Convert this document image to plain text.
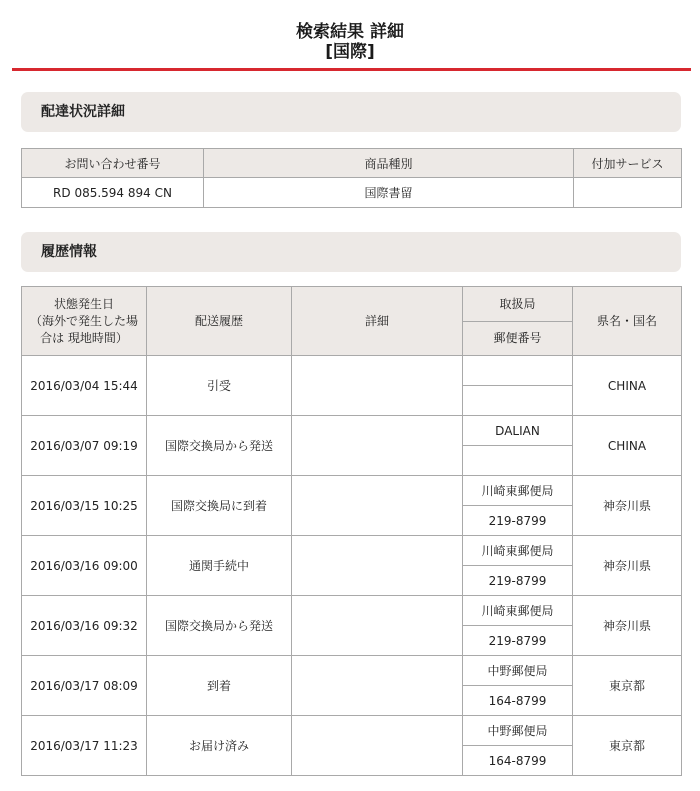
検索結果 詳細
[国際]
配達状況詳細
お問い合わせ番号	商品種別	付加サービス
RD 085.594 894 CN	国際書留	
履歴情報
状態発生日
（海外で発生した場
合は 現地時間）	配送履歴	詳細	取扱局	県名・国名
			郵便番号	
2016/03/04 15:44	引受			CHINA

2016/03/07 09:19	国際交換局から発送		DALIAN	CHINA

2016/03/15 10:25	国際交換局に到着		川崎東郵便局	神奈川県
			219-8799	
2016/03/16 09:00	通関手続中		川崎東郵便局	神奈川県
			219-8799	
2016/03/16 09:32	国際交換局から発送		川崎東郵便局	神奈川県
			219-8799	
2016/03/17 08:09	到着		中野郵便局	東京都
			164-8799	
2016/03/17 11:23	お届け済み		中野郵便局	東京都
			164-8799	
